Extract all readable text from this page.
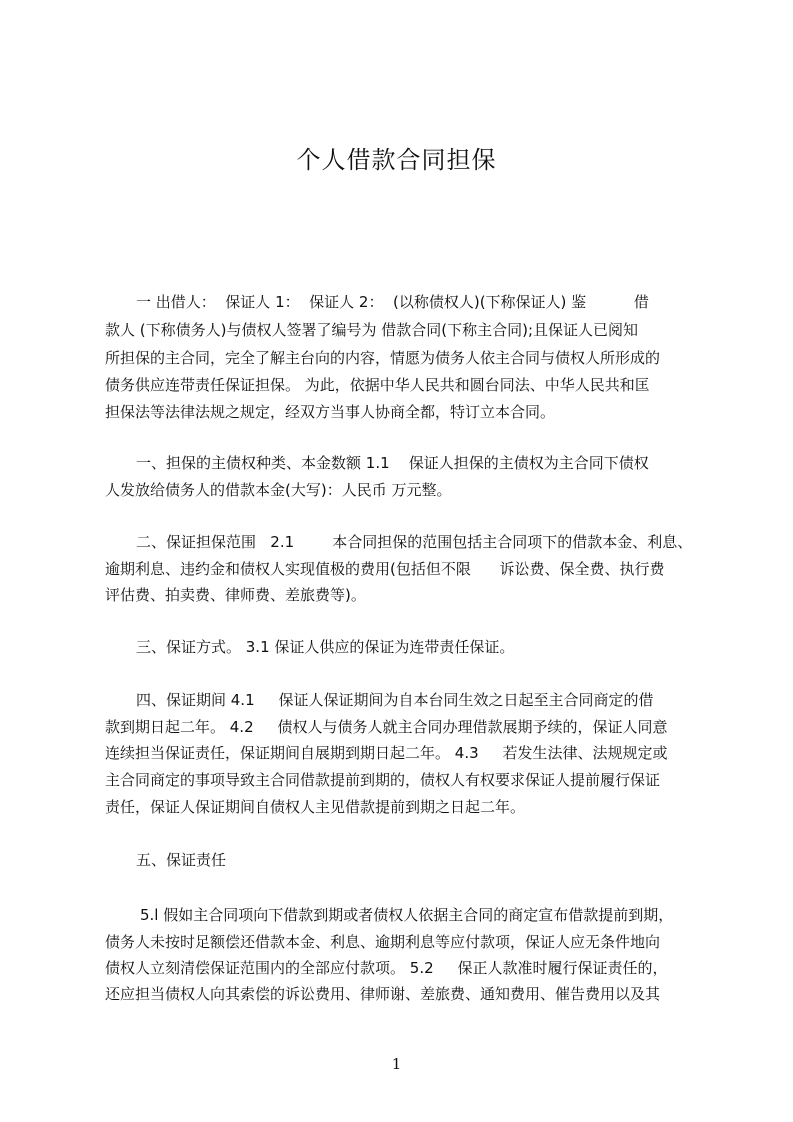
个人借款合同担保
一 出借人：  保证人 1：  保证人 2：  (以称债权人)(下称保证人) 鉴          借
款人 (下称债务人)与债权人签署了编号为 借款合同(下称主合同);且保证人已阅知
所担保的主合同，完全了解主台向的内容，情愿为债务人依主合同与债权人所形成的
债务供应连带责任保证担保。 为此，依据中华人民共和圆台同法、中华人民共和匡
担保法等法律法规之规定，经双方当事人协商全都，特订立本合同。
一、担保的主债权种类、本金数额 1.1    保证人担保的主债权为主合同下债权
人发放给债务人的借款本金(大写)：人民币 万元整。
二、保证担保范围   2.1        本合同担保的范围包括主合同项下的借款本金、利息、
逾期利息、违约金和债权人实现值极的费用(包括但不限      诉讼费、保全费、执行费
评估费、拍卖费、律师费、差旅费等)。
三、保证方式。 3.1 保证人供应的保证为连带责任保证。
四、保证期间 4.1     保证人保证期间为自本台同生效之日起至主合同商定的借
款到期日起二年。 4.2     债权人与债务人就主合同办理借款展期予续的，保证人同意
连续担当保证责任，保证期间自展期到期日起二年。 4.3     若发生法律、法规规定或
主合同商定的事项导致主合同借款提前到期的，债权人有权要求保证人提前履行保证
责任，保证人保证期间自债权人主见借款提前到期之日起二年。
五、保证责任
5.l 假如主合同项向下借款到期或者债权人依据主合同的商定宣布借款提前到期，
债务人未按时足额偿还借款本金、利息、逾期利息等应付款项，保证人应无条件地向
债权人立刻清偿保证范围内的全部应付款项。 5.2     保正人款准时履行保证责任的，
还应担当债权人向其索偿的诉讼费用、律师谢、差旅费、通知费用、催告费用以及其
1
